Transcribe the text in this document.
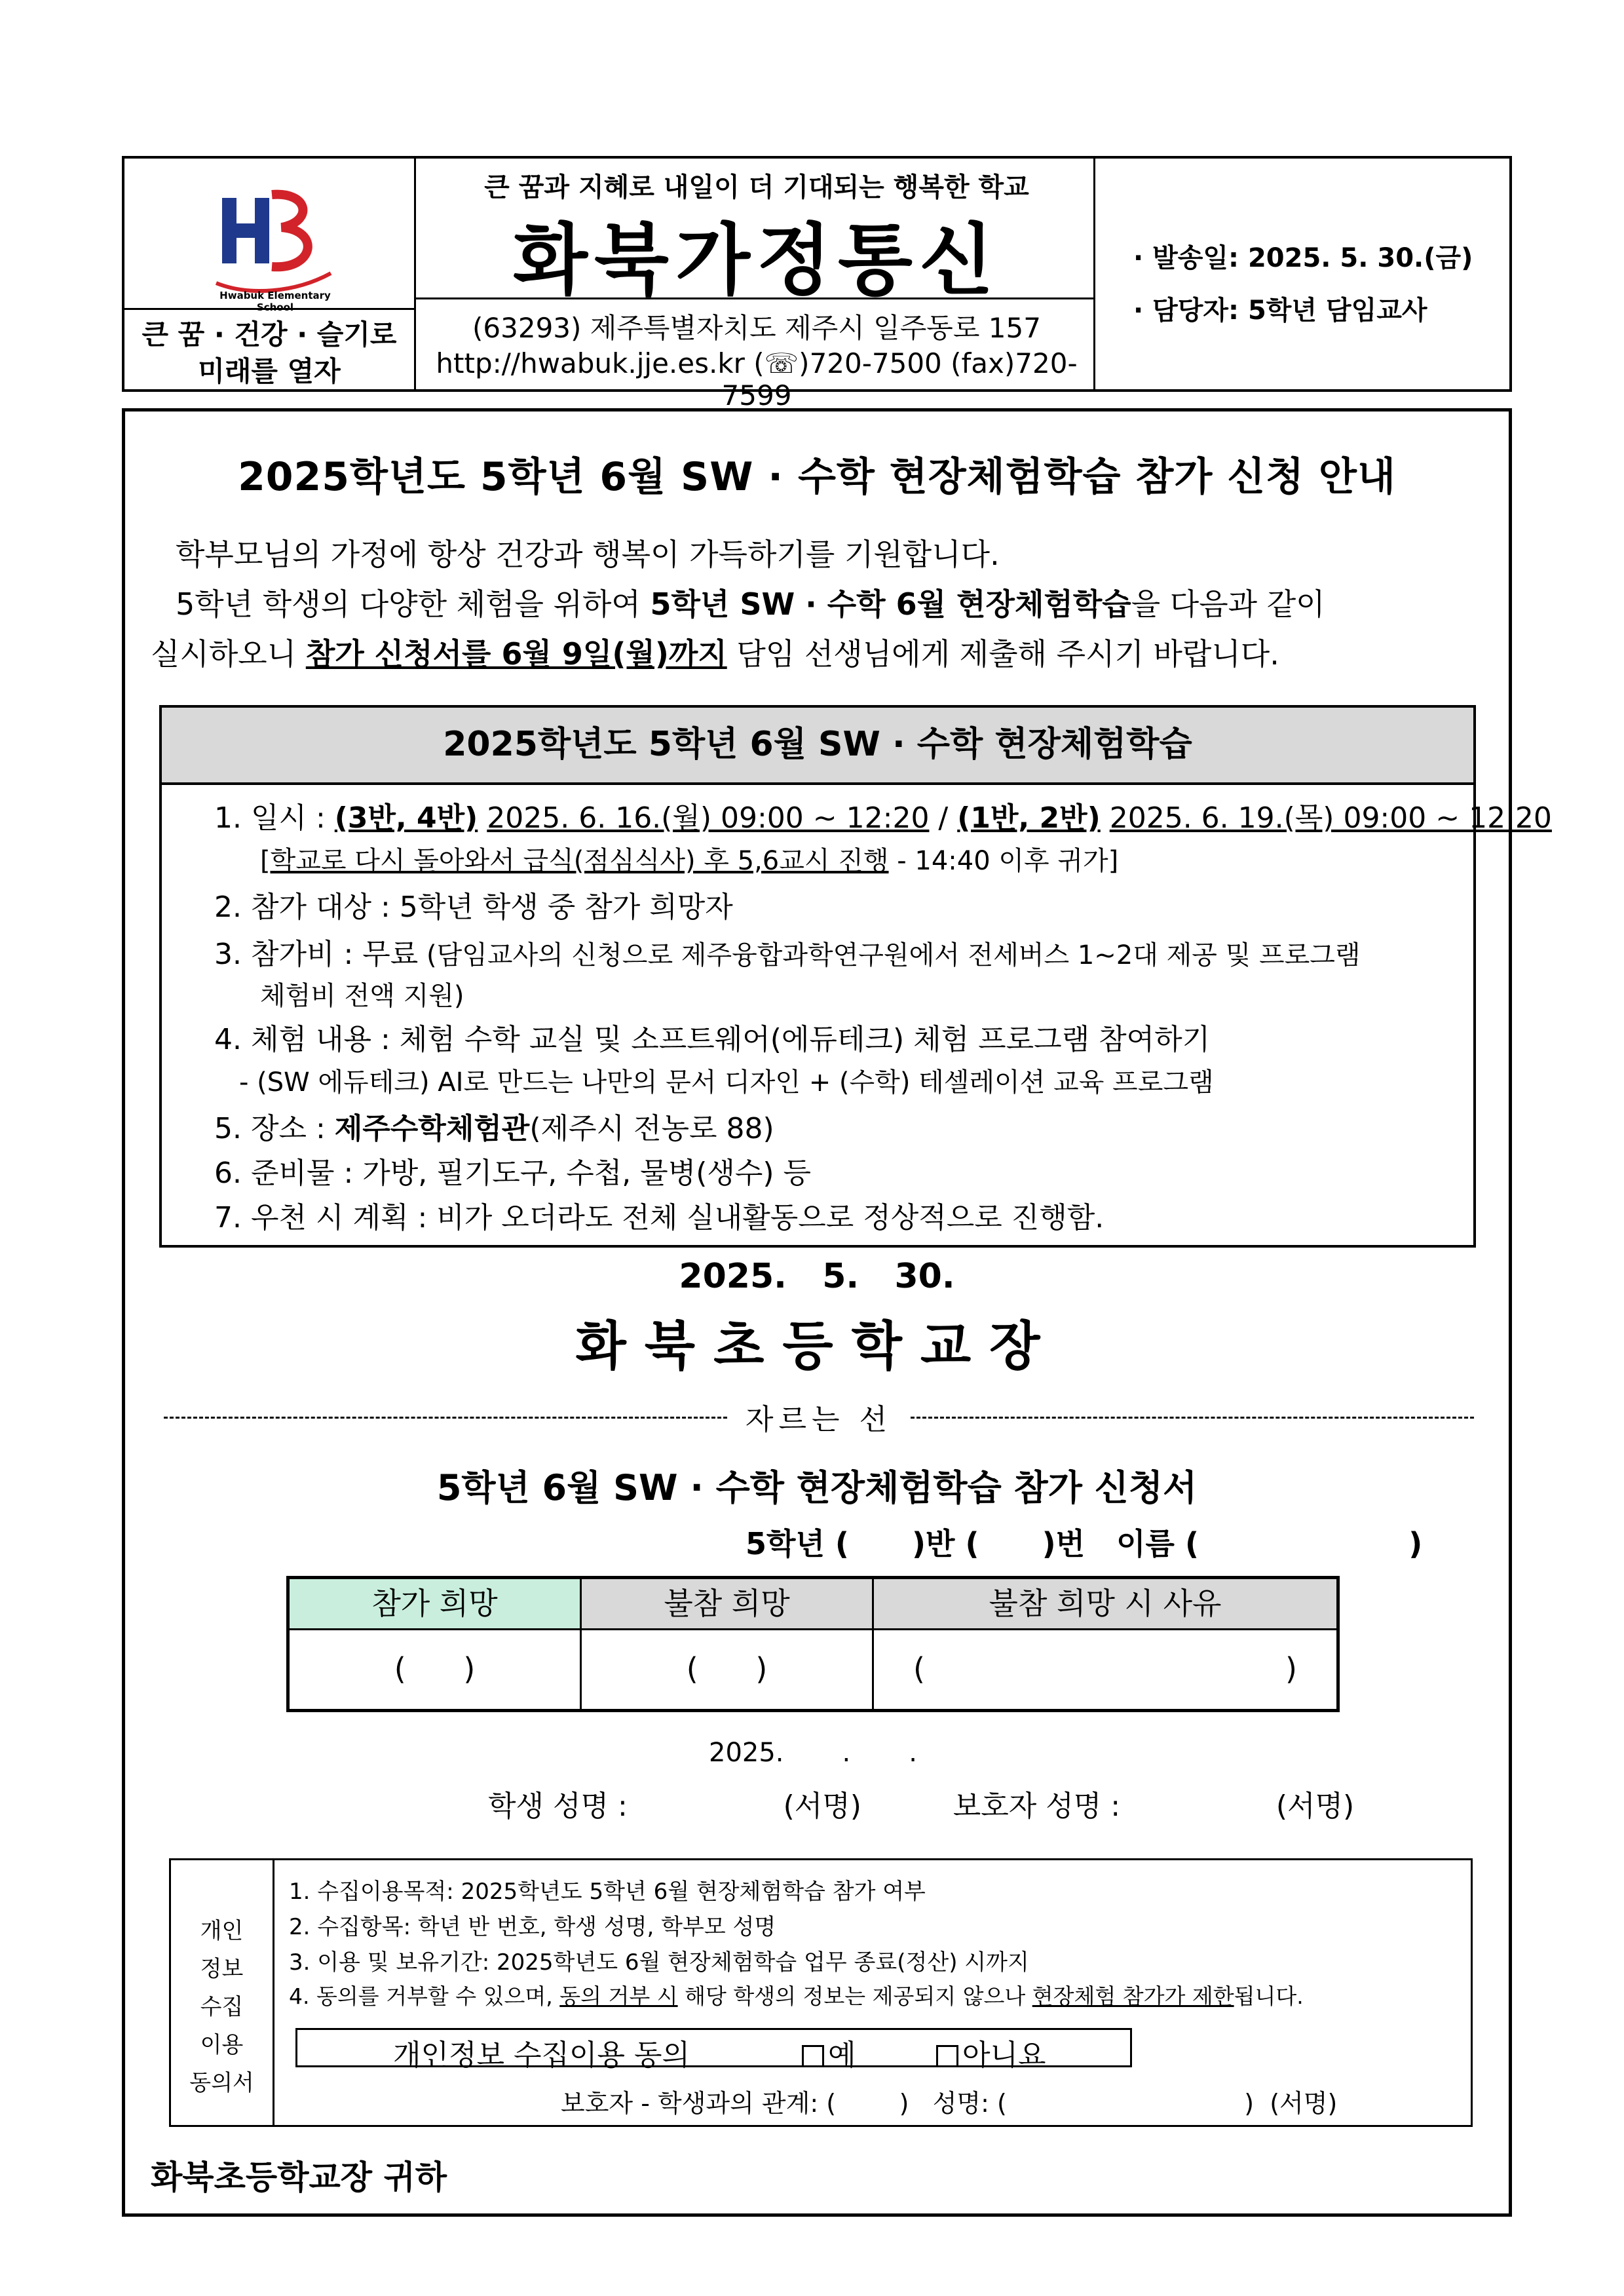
Hwabuk Elementary School
큰 꿈 · 건강 · 슬기로
미래를 열자
큰 꿈과 지혜로 내일이 더 기대되는 행복한 학교
화북가정통신
(63293) 제주특별자치도 제주시 일주동로 157
http://hwabuk.jje.es.kr (☏)720-7500 (fax)720-7599
· 발송일: 2025. 5. 30.(금)
· 담당자: 5학년 담임교사
2025학년도 5학년 6월 SW · 수학 현장체험학습 참가 신청 안내
학부모님의 가정에 항상 건강과 행복이 가득하기를 기원합니다.
5학년 학생의 다양한 체험을 위하여 5학년 SW · 수학 6월 현장체험학습을 다음과 같이
실시하오니 참가 신청서를 6월 9일(월)까지 담임 선생님에게 제출해 주시기 바랍니다.
2025학년도 5학년 6월 SW · 수학 현장체험학습
1. 일시 : (3반, 4반) 2025. 6. 16.(월) 09:00 ~ 12:20 / (1반, 2반) 2025. 6. 19.(목) 09:00 ~ 12:20
[학교로 다시 돌아와서 급식(점심식사) 후 5,6교시 진행 - 14:40 이후 귀가]
2. 참가 대상 : 5학년 학생 중 참가 희망자
3. 참가비 : 무료 (담임교사의 신청으로 제주융합과학연구원에서 전세버스 1~2대 제공 및 프로그램
체험비 전액 지원)
4. 체험 내용 : 체험 수학 교실 및 소프트웨어(에듀테크) 체험 프로그램 참여하기
- (SW 에듀테크) AI로 만드는 나만의 문서 디자인 + (수학) 테셀레이션 교육 프로그램
5. 장소 : 제주수학체험관(제주시 전농로 88)
6. 준비물 : 가방, 필기도구, 수첩, 물병(생수) 등
7. 우천 시 계획 : 비가 오더라도 전체 실내활동으로 정상적으로 진행함.
2025.   5.   30.
화북초등학교장
자르는 선
5학년 6월 SW · 수학 현장체험학습 참가 신청서
5학년 (      )반 (      )번   이름 (                    )
참가 희망	불참 희망	불참 희망 시 사유
(      )	(      )	(	)
2025.       .       .
학생 성명 :                 (서명)          보호자 성명 :                 (서명)
개인
정보
수집
이용
동의서
1. 수집이용목적: 2025학년도 5학년 6월 현장체험학습 참가 여부
2. 수집항목: 학년 반 번호, 학생 성명, 학부모 성명
3. 이용 및 보유기간: 2025학년도 6월 현장체험학습 업무 종료(정산) 시까지
4. 동의를 거부할 수 있으며, 동의 거부 시 해당 학생의 정보는 제공되지 않으나 현장체험 참가가 제한됩니다.

개인정보 수집이용 동의

	예

	아니요

보호자 - 학생과의 관계: (        )   성명: (                              )  (서명)
화북초등학교장 귀하
